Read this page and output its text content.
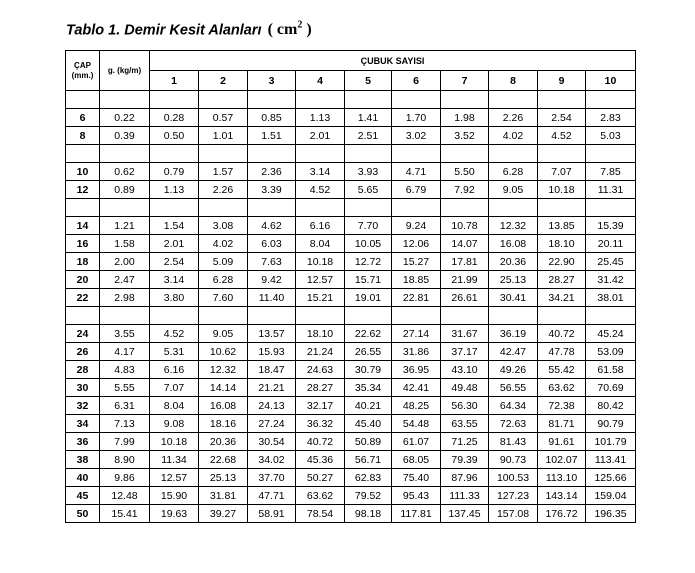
Tablo 1. Demir Kesit Alanları ( $cm^2$ )
ÇAP (mm.)	g. (kg/m)	ÇUBUK SAYISI									
		1	2	3	4	5	6	7	8	9	10

6	0.22	0.28	0.57	0.85	1.13	1.41	1.70	1.98	2.26	2.54	2.83
8	0.39	0.50	1.01	1.51	2.01	2.51	3.02	3.52	4.02	4.52	5.03

10	0.62	0.79	1.57	2.36	3.14	3.93	4.71	5.50	6.28	7.07	7.85
12	0.89	1.13	2.26	3.39	4.52	5.65	6.79	7.92	9.05	10.18	11.31

14	1.21	1.54	3.08	4.62	6.16	7.70	9.24	10.78	12.32	13.85	15.39
16	1.58	2.01	4.02	6.03	8.04	10.05	12.06	14.07	16.08	18.10	20.11
18	2.00	2.54	5.09	7.63	10.18	12.72	15.27	17.81	20.36	22.90	25.45
20	2.47	3.14	6.28	9.42	12.57	15.71	18.85	21.99	25.13	28.27	31.42
22	2.98	3.80	7.60	11.40	15.21	19.01	22.81	26.61	30.41	34.21	38.01

24	3.55	4.52	9.05	13.57	18.10	22.62	27.14	31.67	36.19	40.72	45.24
26	4.17	5.31	10.62	15.93	21.24	26.55	31.86	37.17	42.47	47.78	53.09
28	4.83	6.16	12.32	18.47	24.63	30.79	36.95	43.10	49.26	55.42	61.58
30	5.55	7.07	14.14	21.21	28.27	35.34	42.41	49.48	56.55	63.62	70.69
32	6.31	8.04	16.08	24.13	32.17	40.21	48.25	56.30	64.34	72.38	80.42
34	7.13	9.08	18.16	27.24	36.32	45.40	54.48	63.55	72.63	81.71	90.79
36	7.99	10.18	20.36	30.54	40.72	50.89	61.07	71.25	81.43	91.61	101.79
38	8.90	11.34	22.68	34.02	45.36	56.71	68.05	79.39	90.73	102.07	113.41
40	9.86	12.57	25.13	37.70	50.27	62.83	75.40	87.96	100.53	113.10	125.66
45	12.48	15.90	31.81	47.71	63.62	79.52	95.43	111.33	127.23	143.14	159.04
50	15.41	19.63	39.27	58.91	78.54	98.18	117.81	137.45	157.08	176.72	196.35
